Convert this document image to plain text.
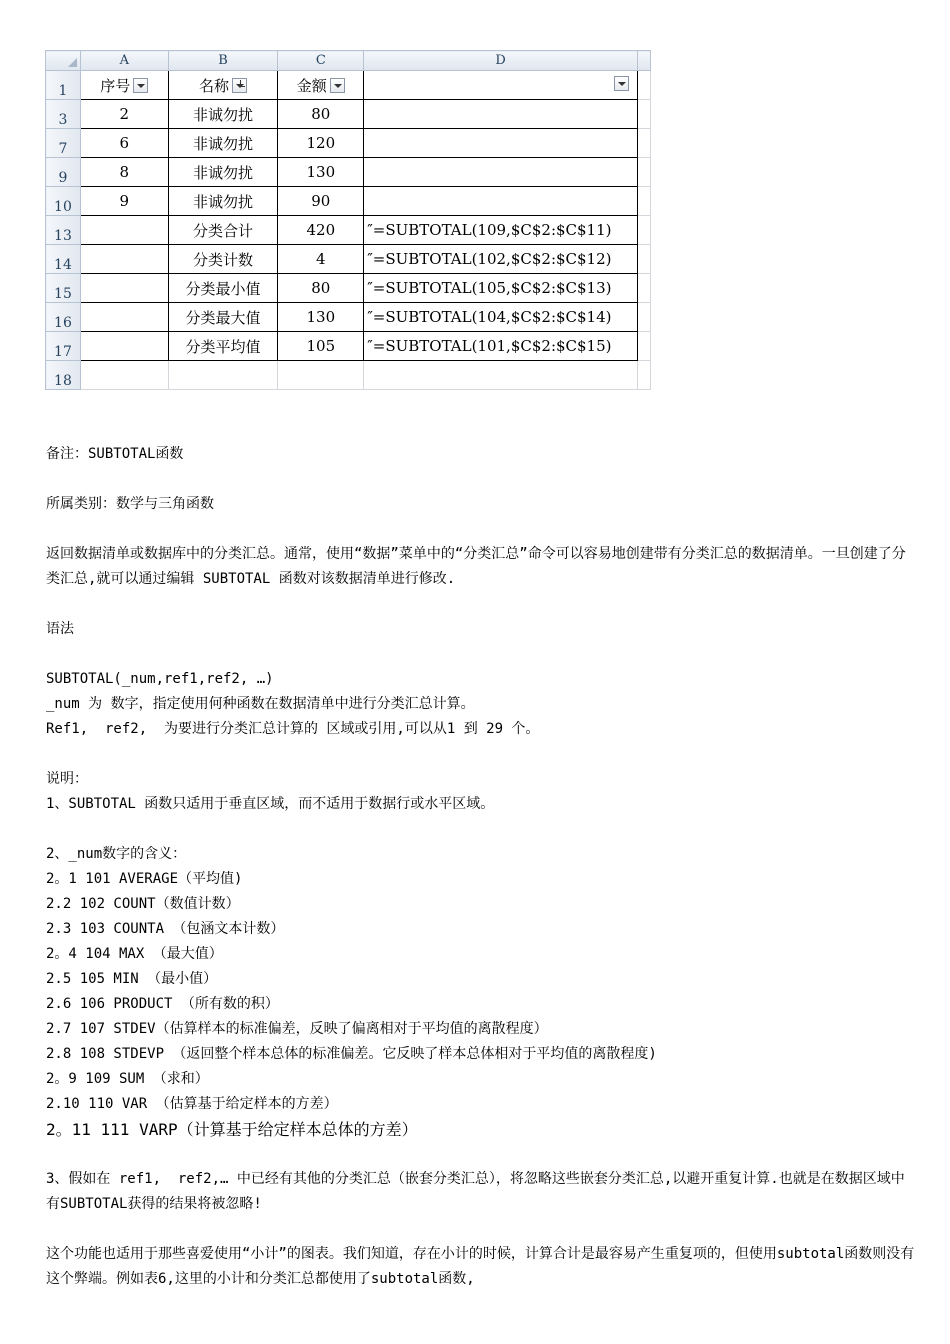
	A	B	C	D	
1	序号	名称	金额		

3	2	非诚勿扰	80		
7	6	非诚勿扰	120		
9	8	非诚勿扰	130		
10	9	非诚勿扰	90		
13		分类合计	420	″=SUBTOTAL(109,$C$2:$C$11)	
14		分类计数	4	″=SUBTOTAL(102,$C$2:$C$12)	
15		分类最小值	80	″=SUBTOTAL(105,$C$2:$C$13)	
16		分类最大值	130	″=SUBTOTAL(104,$C$2:$C$14)	
17		分类平均值	105	″=SUBTOTAL(101,$C$2:$C$15)	
18					

备注：SUBTOTAL函数

所属类别：数学与三角函数

返回数据清单或数据库中的分类汇总。通常，使用“数据”菜单中的“分类汇总”命令可以容易地创建带有分类汇总的数据清单。一旦创建了分类汇总,就可以通过编辑 SUBTOTAL 函数对该数据清单进行修改.

语法

SUBTOTAL(_num,ref1,ref2, …)

_num 为 数字，指定使用何种函数在数据清单中进行分类汇总计算。

Ref1,  ref2,  为要进行分类汇总计算的 区域或引用,可以从1 到 29 个。

说明：

1、SUBTOTAL 函数只适用于垂直区域，而不适用于数据行或水平区域。

2、_num数字的含义：

2。1 101 AVERAGE（平均值)

2.2 102 COUNT（数值计数）

2.3 103 COUNTA （包涵文本计数）

2。4 104 MAX （最大值）

2.5 105 MIN （最小值）

2.6 106 PRODUCT （所有数的积）

2.7 107 STDEV（估算样本的标准偏差，反映了偏离相对于平均值的离散程度）

2.8 108 STDEVP （返回整个样本总体的标准偏差。它反映了样本总体相对于平均值的离散程度)

2。9 109 SUM （求和）

2.10 110 VAR （估算基于给定样本的方差）

2。11 111 VARP（计算基于给定样本总体的方差）

3、假如在 ref1,  ref2,… 中已经有其他的分类汇总（嵌套分类汇总），将忽略这些嵌套分类汇总,以避开重复计算.也就是在数据区域中有SUBTOTAL获得的结果将被忽略!

这个功能也适用于那些喜爱使用“小计”的图表。我们知道，存在小计的时候，计算合计是最容易产生重复项的，但使用subtotal函数则没有这个弊端。例如表6,这里的小计和分类汇总都使用了subtotal函数,
